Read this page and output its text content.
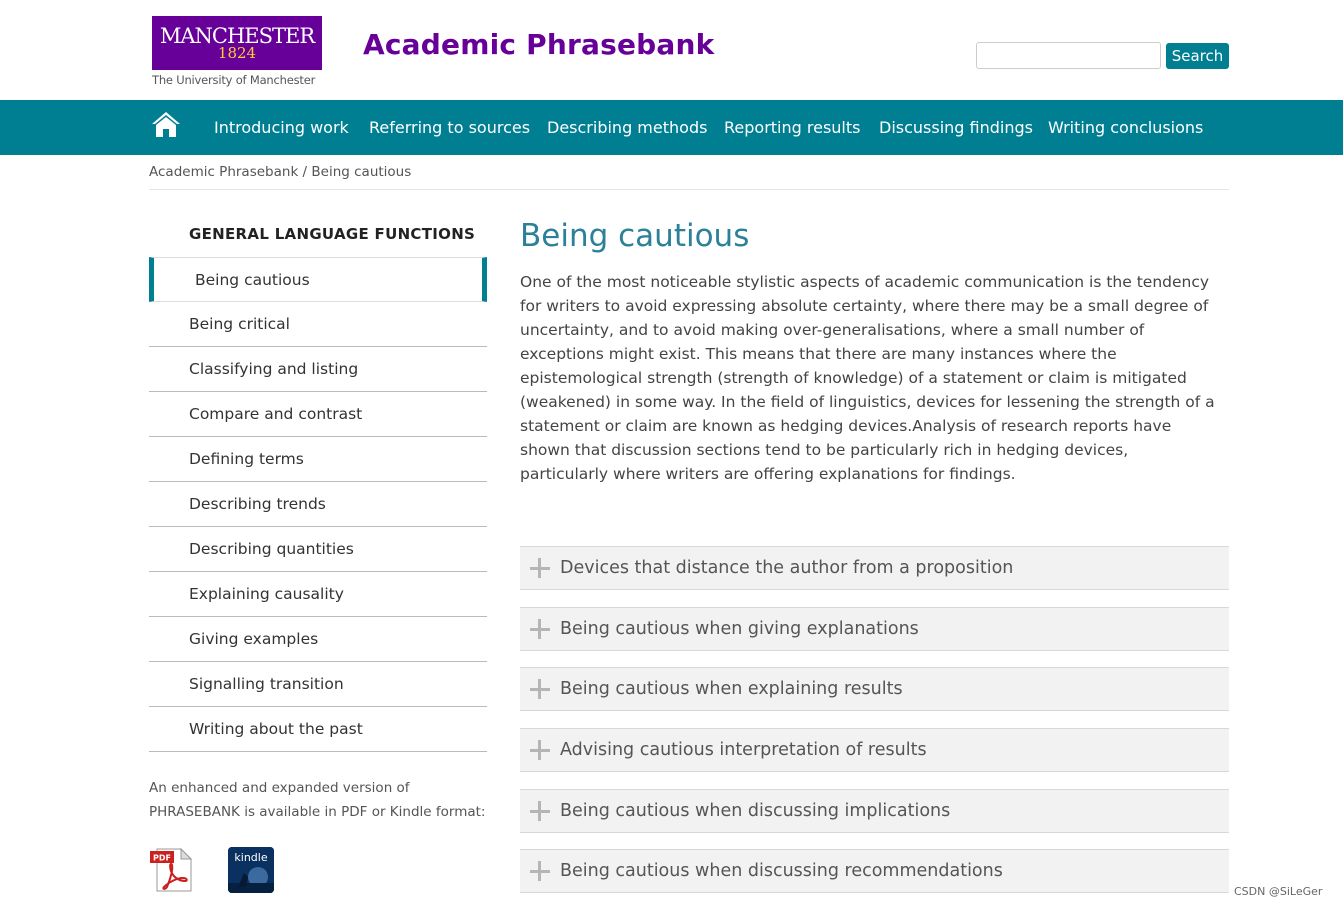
MANCHESTER
1824
The University of Manchester
Academic Phrasebank	Search
Introducing work Referring to sources Describing methods Reporting results Discussing findings Writing conclusions
Academic Phrasebank / Being cautious
GENERAL LANGUAGE FUNCTIONS
Being cautious
Being critical
Classifying and listing
Compare and contrast
Defining terms
Describing trends
Describing quantities
Explaining causality
Giving examples
Signalling transition
Writing about the past
An enhanced and expanded version of PHRASEBANK is available in PDF or Kindle format:
PDF	kindle
Being cautious

One of the most noticeable stylistic aspects of academic communication is the tendency for writers to avoid expressing absolute certainty, where there may be a small degree of uncertainty, and to avoid making over-generalisations, where a small number of exceptions might exist. This means that there are many instances where the epistemological strength (strength of knowledge) of a statement or claim is mitigated (weakened) in some way. In the field of linguistics, devices for lessening the strength of a statement or claim are known as hedging devices.Analysis of research reports have shown that discussion sections tend to be particularly rich in hedging devices, particularly where writers are offering explanations for findings.

Devices that distance the author from a proposition
Being cautious when giving explanations
Being cautious when explaining results
Advising cautious interpretation of results
Being cautious when discussing implications
Being cautious when discussing recommendations
CSDN @SiLeGer
